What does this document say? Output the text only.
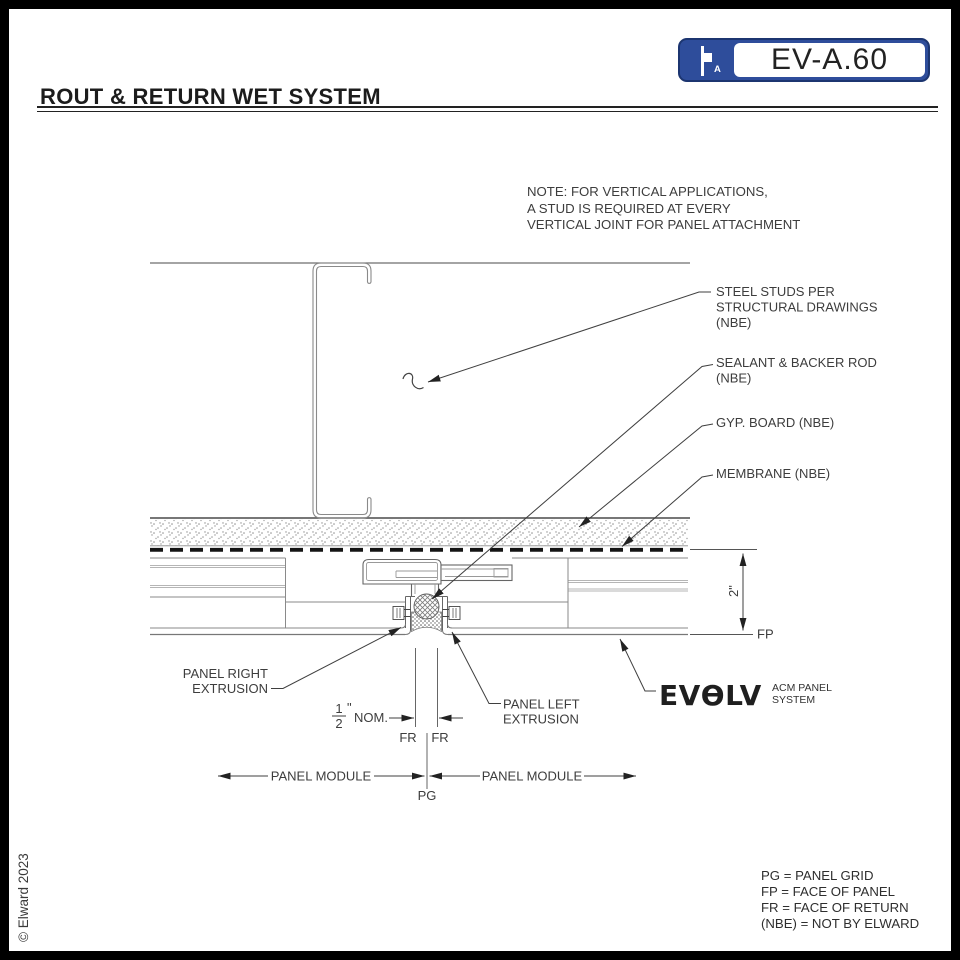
ROUT & RETURN WET SYSTEM
A EV-A.60
NOTE: FOR VERTICAL APPLICATIONS,
A STUD IS REQUIRED AT EVERY
VERTICAL JOINT FOR PANEL ATTACHMENT
PG = PANEL GRID
FP = FACE OF PANEL
FR = FACE OF RETURN
(NBE) = NOT BY ELWARD
© Elward 2023
2"
FP
1
2
"
NOM.
FR FR
PANEL MODULE	PANEL MODULE
PG
STEEL STUDS PER
STRUCTURAL DRAWINGS
(NBE)
SEALANT & BACKER ROD
(NBE)
GYP. BOARD (NBE)
MEMBRANE (NBE)
PANEL RIGHT
EXTRUSION
PANEL LEFT
EXTRUSION
EVƟLV ACM PANEL
SYSTEM
